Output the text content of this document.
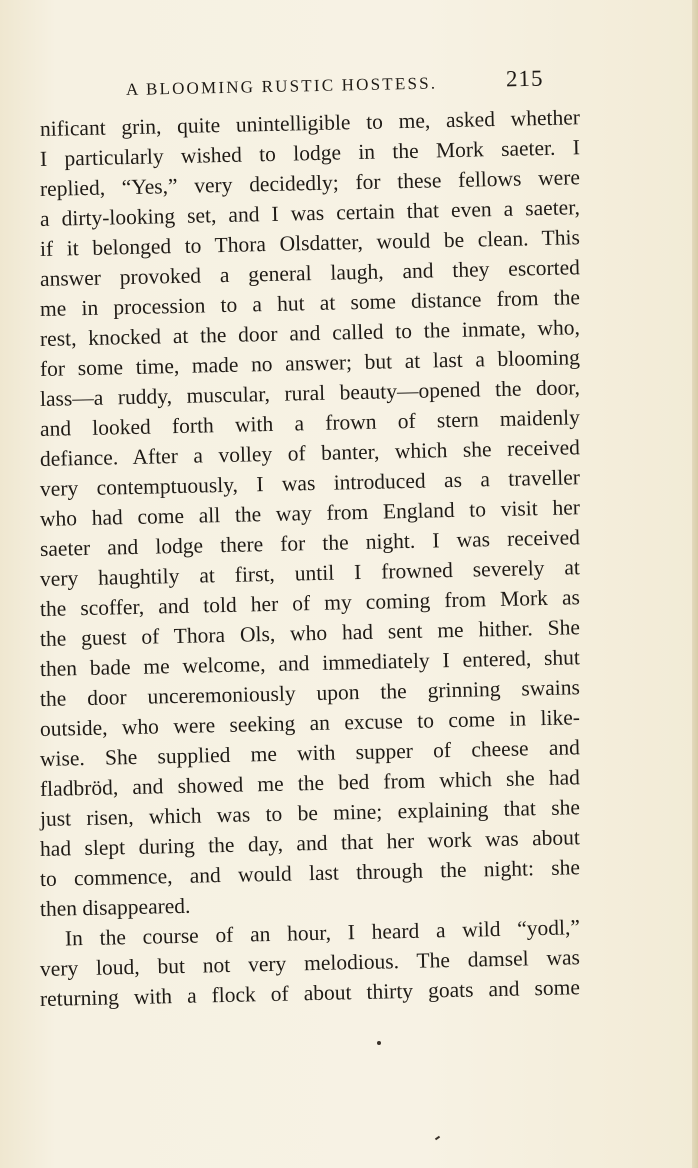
A BLOOMING RUSTIC HOSTESS.	215
nificant grin, quite unintelligible to me, asked whether
I particularly wished to lodge in the Mork saeter. I
replied, “Yes,” very decidedly; for these fellows were
a dirty-looking set, and I was certain that even a saeter,
if it belonged to Thora Olsdatter, would be clean. This
answer provoked a general laugh, and they escorted
me in procession to a hut at some distance from the
rest, knocked at the door and called to the inmate, who,
for some time, made no answer; but at last a blooming
lass—a ruddy, muscular, rural beauty—opened the door,
and looked forth with a frown of stern maidenly
defiance. After a volley of banter, which she received
very contemptuously, I was introduced as a traveller
who had come all the way from England to visit her
saeter and lodge there for the night. I was received
very haughtily at first, until I frowned severely at
the scoffer, and told her of my coming from Mork as
the guest of Thora Ols, who had sent me hither. She
then bade me welcome, and immediately I entered, shut
the door unceremoniously upon the grinning swains
outside, who were seeking an excuse to come in like-
wise. She supplied me with supper of cheese and
fladbröd, and showed me the bed from which she had
just risen, which was to be mine; explaining that she
had slept during the day, and that her work was about
to commence, and would last through the night: she
then disappeared.
In the course of an hour, I heard a wild “yodl,”
very loud, but not very melodious. The damsel was
returning with a flock of about thirty goats and some
